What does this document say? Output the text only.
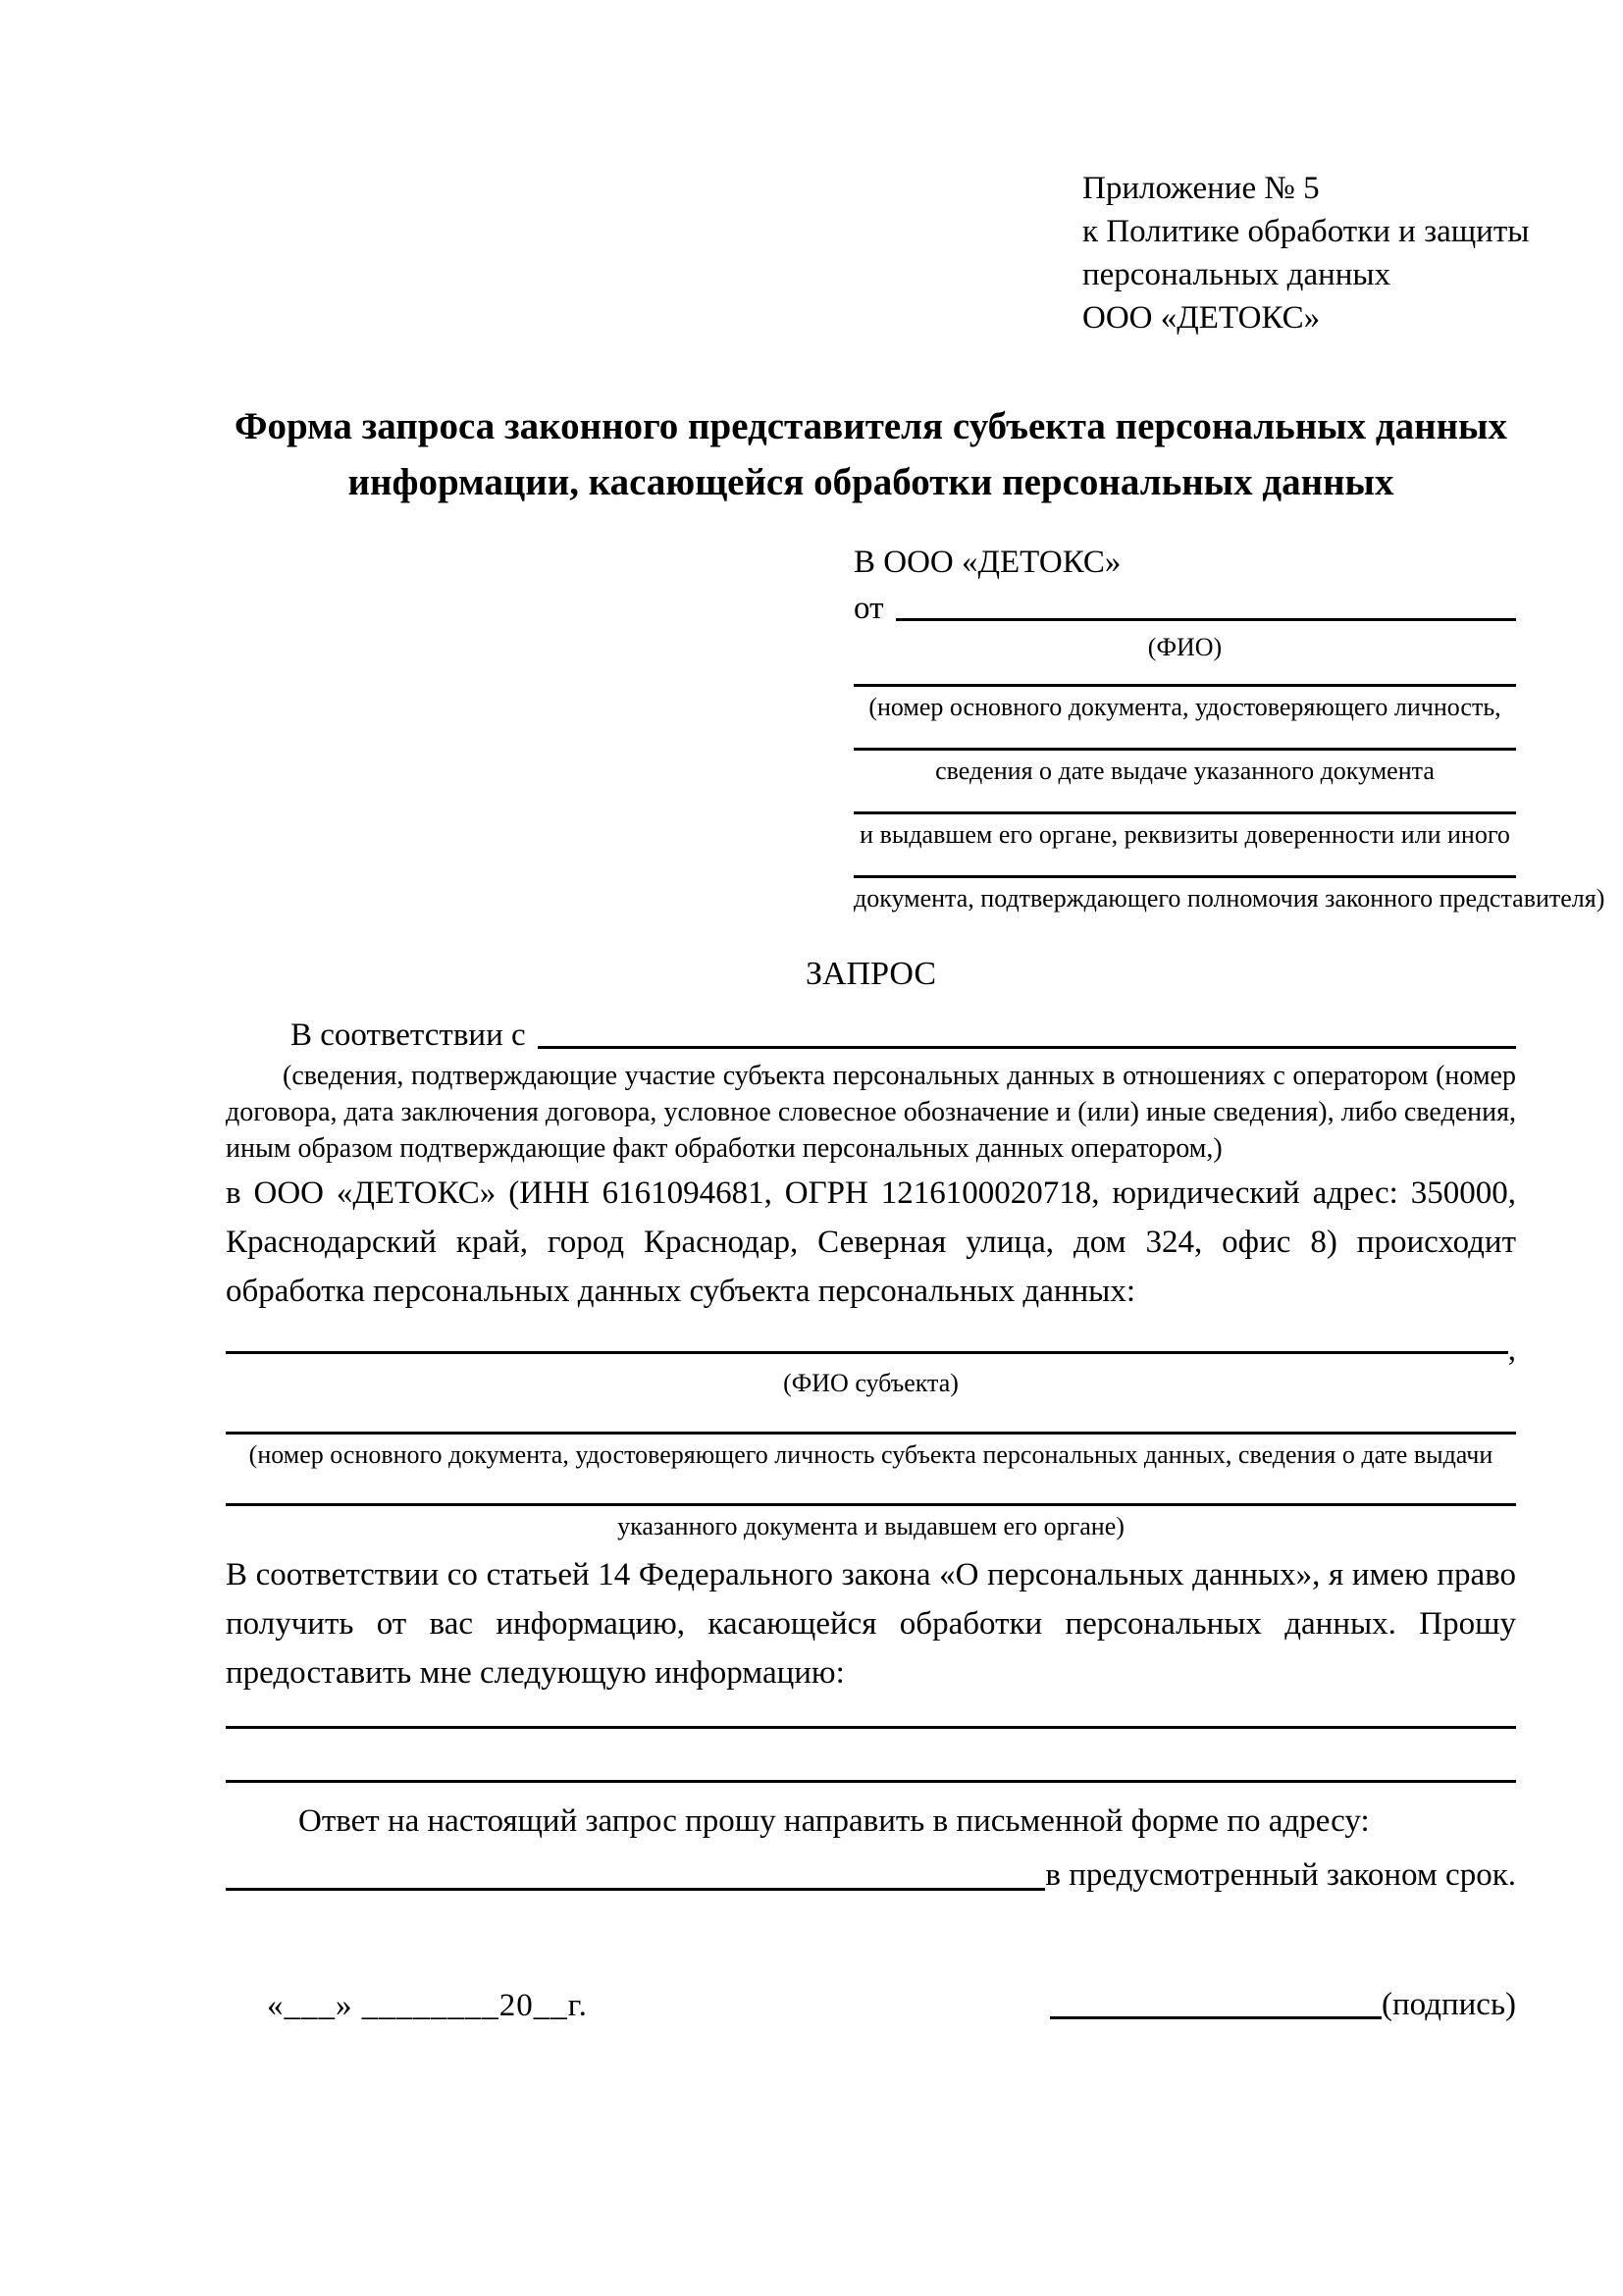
Приложение № 5
к Политике обработки и защиты
персональных данных
ООО «ДЕТОКС»
Форма запроса законного представителя субъекта персональных данных
информации, касающейся обработки персональных данных
В ООО «ДЕТОКС»
от
(ФИО)
(номер основного документа, удостоверяющего личность,
сведения о дате выдаче указанного документа
и выдавшем его органе, реквизиты доверенности или иного
документа, подтверждающего полномочия законного представителя)
ЗАПРОС
В соответствии с
(сведения, подтверждающие участие субъекта персональных данных в отношениях с оператором (номер договора, дата заключения договора, условное словесное обозначение и (или) иные сведения), либо сведения, иным образом подтверждающие факт обработки персональных данных оператором,)
в ООО «ДЕТОКС» (ИНН 6161094681, ОГРН 1216100020718, юридический адрес: 350000, Краснодарский край, город Краснодар, Северная улица, дом 324, офис 8) происходит обработка персональных данных субъекта персональных данных:
,
(ФИО субъекта)
(номер основного документа, удостоверяющего личность субъекта персональных данных, сведения о дате выдачи
указанного документа и выдавшем его органе)
В соответствии со статьей 14 Федерального закона «О персональных данных», я имею право получить от вас информацию, касающейся обработки персональных данных. Прошу предоставить мне следующую информацию:
Ответ на настоящий запрос прошу направить в письменной форме по адресу:
в предусмотренный законом срок.
«___» ________20__г.	(подпись)
